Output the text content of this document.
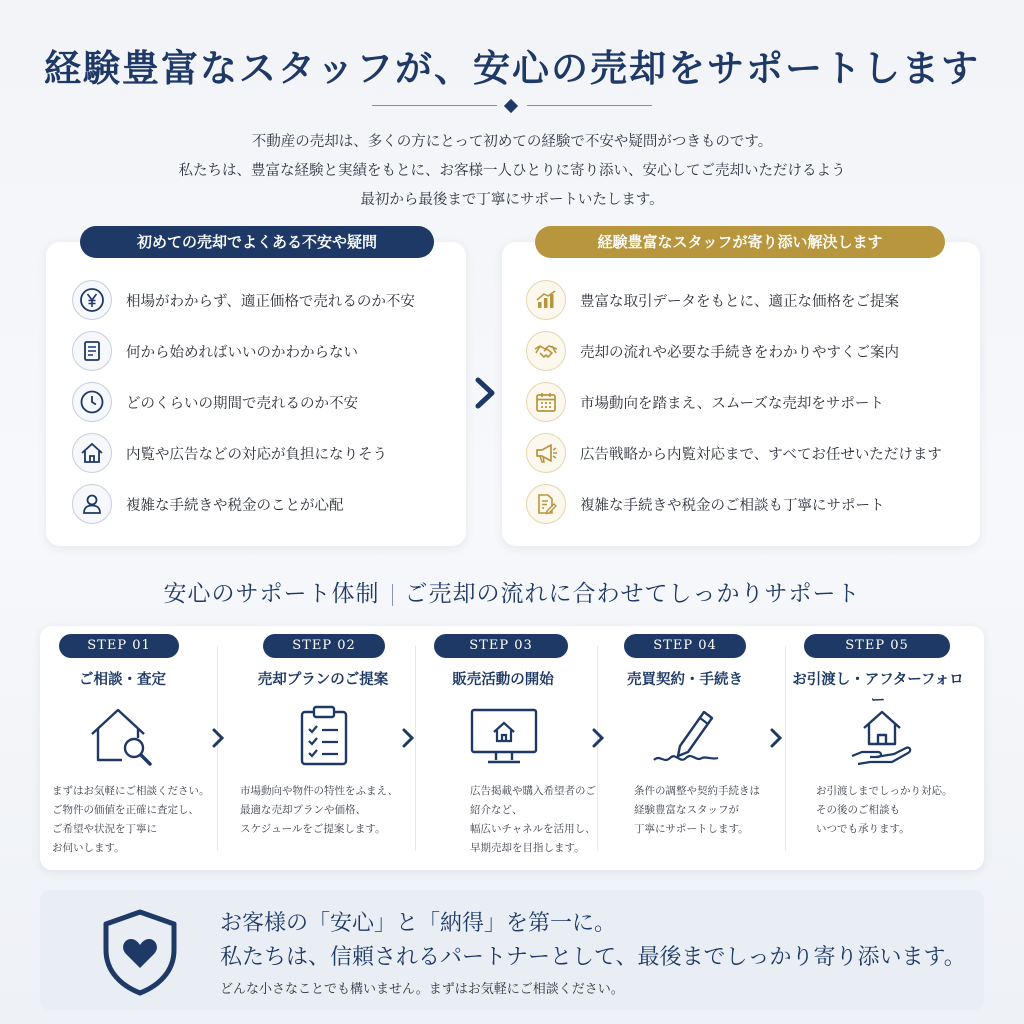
経験豊富なスタッフが、安心の売却をサポートします
不動産の売却は、多くの方にとって初めての経験で不安や疑問がつきものです。
私たちは、豊富な経験と実績をもとに、お客様一人ひとりに寄り添い、安心してご売却いただけるよう
最初から最後まで丁寧にサポートいたします。
初めての売却でよくある不安や疑問
相場がわからず、適正価格で売れるのか不安
何から始めればいいのかわからない
どのくらいの期間で売れるのか不安
内覧や広告などの対応が負担になりそう
複雑な手続きや税金のことが心配
経験豊富なスタッフが寄り添い解決します
豊富な取引データをもとに、適正な価格をご提案
売却の流れや必要な手続きをわかりやすくご案内
市場動向を踏まえ、スムーズな売却をサポート
広告戦略から内覧対応まで、すべてお任せいただけます
複雑な手続きや税金のご相談も丁寧にサポート
安心のサポート体制 ご売却の流れに合わせてしっかりサポート
STEP 01
ご相談・査定
まずはお気軽にご相談ください。
ご物件の価値を正確に査定し、
ご希望や状況を丁寧に
お伺いします。
STEP 02
売却プランのご提案
市場動向や物件の特性をふまえ、
最適な売却プランや価格、
スケジュールをご提案します。
STEP 03
販売活動の開始
広告掲載や購入希望者のご紹介など、
幅広いチャネルを活用し、
早期売却を目指します。
STEP 04
売買契約・手続き
条件の調整や契約手続きは
経験豊富なスタッフが
丁寧にサポートします。
STEP 05
お引渡し・アフターフォロー
お引渡しまでしっかり対応。
その後のご相談も
いつでも承ります。
お客様の「安心」と「納得」を第一に。
私たちは、信頼されるパートナーとして、最後までしっかり寄り添います。
どんな小さなことでも構いません。まずはお気軽にご相談ください。
